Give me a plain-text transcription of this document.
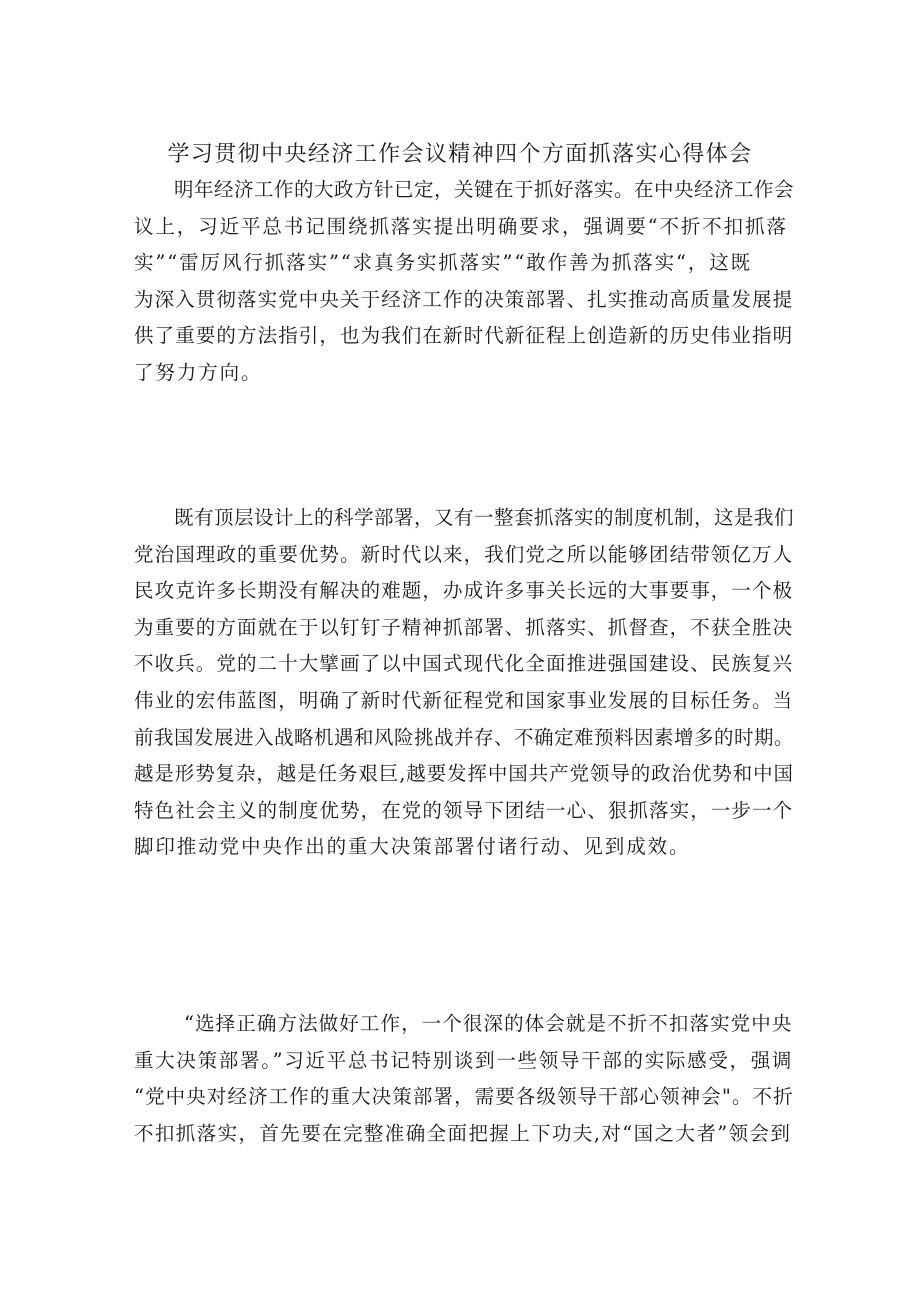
学习贯彻中央经济工作会议精神四个方面抓落实心得体会
明年经济工作的大政方针已定，关键在于抓好落实。在中央经济工作会
议上，习近平总书记围绕抓落实提出明确要求，强调要“不折不扣抓落
实”“雷厉风行抓落实”“求真务实抓落实”“敢作善为抓落实“，这既
为深入贯彻落实党中央关于经济工作的决策部署、扎实推动高质量发展提
供了重要的方法指引，也为我们在新时代新征程上创造新的历史伟业指明
了努力方向。
既有顶层设计上的科学部署，又有一整套抓落实的制度机制，这是我们
党治国理政的重要优势。新时代以来，我们党之所以能够团结带领亿万人
民攻克许多长期没有解决的难题，办成许多事关长远的大事要事，一个极
为重要的方面就在于以钉钉子精神抓部署、抓落实、抓督查，不获全胜决
不收兵。党的二十大擘画了以中国式现代化全面推进强国建设、民族复兴
伟业的宏伟蓝图，明确了新时代新征程党和国家事业发展的目标任务。当
前我国发展进入战略机遇和风险挑战并存、不确定难预料因素增多的时期。
越是形势复杂，越是任务艰巨,越要发挥中国共产党领导的政治优势和中国
特色社会主义的制度优势，在党的领导下团结一心、狠抓落实，一步一个
脚印推动党中央作出的重大决策部署付诸行动、见到成效。
“选择正确方法做好工作，一个很深的体会就是不折不扣落实党中央
重大决策部署。”习近平总书记特别谈到一些领导干部的实际感受，强调
“党中央对经济工作的重大决策部署，需要各级领导干部心领神会"。不折
不扣抓落实，首先要在完整准确全面把握上下功夫,对“国之大者”领会到
